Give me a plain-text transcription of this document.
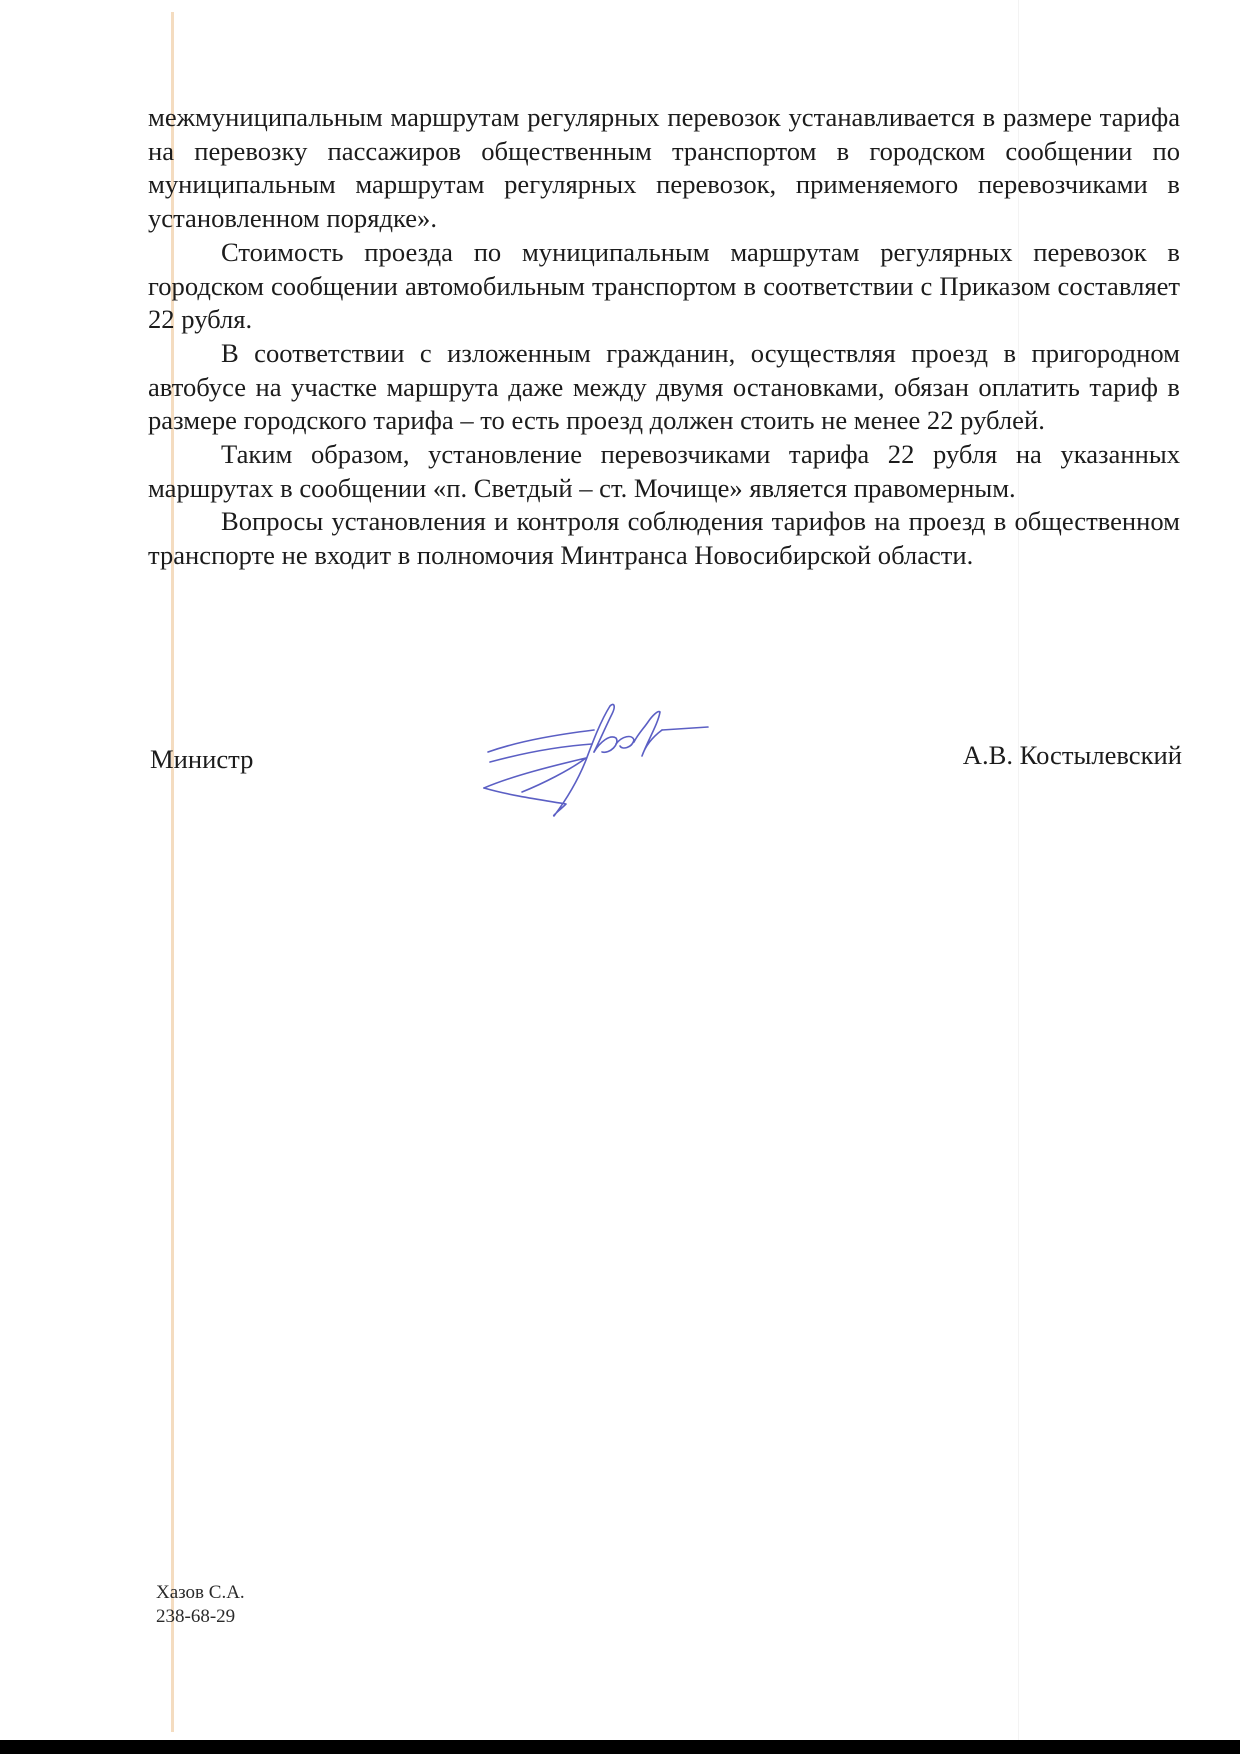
межмуниципальным маршрутам регулярных перевозок устанавливается в размере тарифа на перевозку пассажиров общественным транспортом в городском сообщении по муниципальным маршрутам регулярных перевозок, применяемого перевозчиками в установленном порядке».

Стоимость проезда по муниципальным маршрутам регулярных перевозок в городском сообщении автомобильным транспортом в соответствии с Приказом составляет 22 рубля.

В соответствии с изложенным гражданин, осуществляя проезд в пригородном автобусе на участке маршрута даже между двумя остановками, обязан оплатить тариф в размере городского тарифа – то есть проезд должен стоить не менее 22 рублей.

Таким образом, установление перевозчиками тарифа 22 рубля на указанных маршрутах в сообщении «п. Светдый – ст. Мочище» является правомерным.

Вопросы установления и контроля соблюдения тарифов на проезд в общественном транспорте не входит в полномочия Минтранса Новосибирской области.

Министр	А.В. Костылевский
Хазов С.А.
238-68-29
